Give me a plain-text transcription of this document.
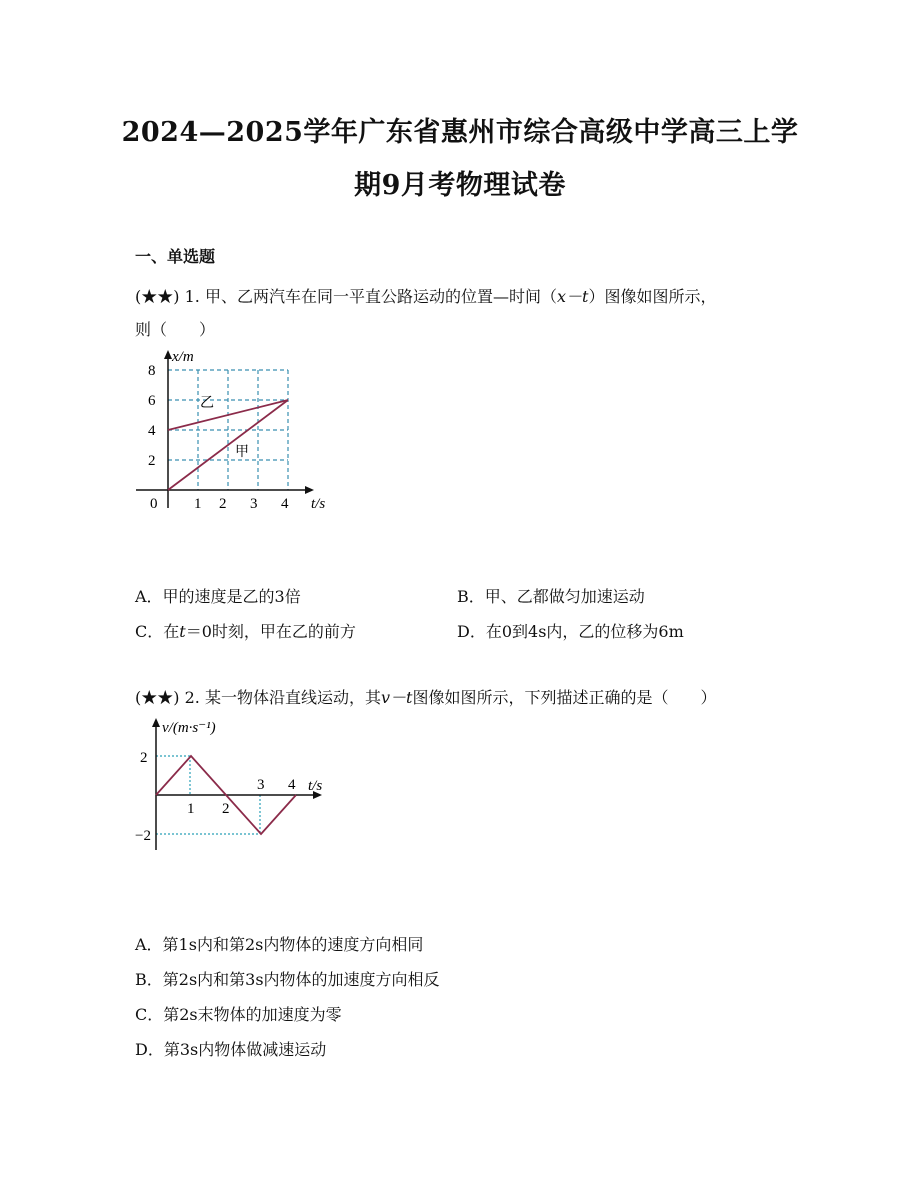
2024—2025学年广东省惠州市综合高级中学高三上学
期9月考物理试卷
一、单选题
(★★) 1. 甲、乙两汽车在同一平直公路运动的位置—时间（x－t）图像如图所示，
则（　　）
x/m
t/s
8
6
4
2
0 1 2 3 4
乙
甲
A．甲的速度是乙的3倍	B．甲、乙都做匀加速运动
C．在t＝0时刻，甲在乙的前方	D．在0到4s内，乙的位移为6m
(★★) 2. 某一物体沿直线运动，其v－t图像如图所示，下列描述正确的是（　　）
v/(m·s⁻¹)
t/s
2
−2
1 2
3 4
A．第1s内和第2s内物体的速度方向相同
B．第2s内和第3s内物体的加速度方向相反
C．第2s末物体的加速度为零
D．第3s内物体做减速运动
